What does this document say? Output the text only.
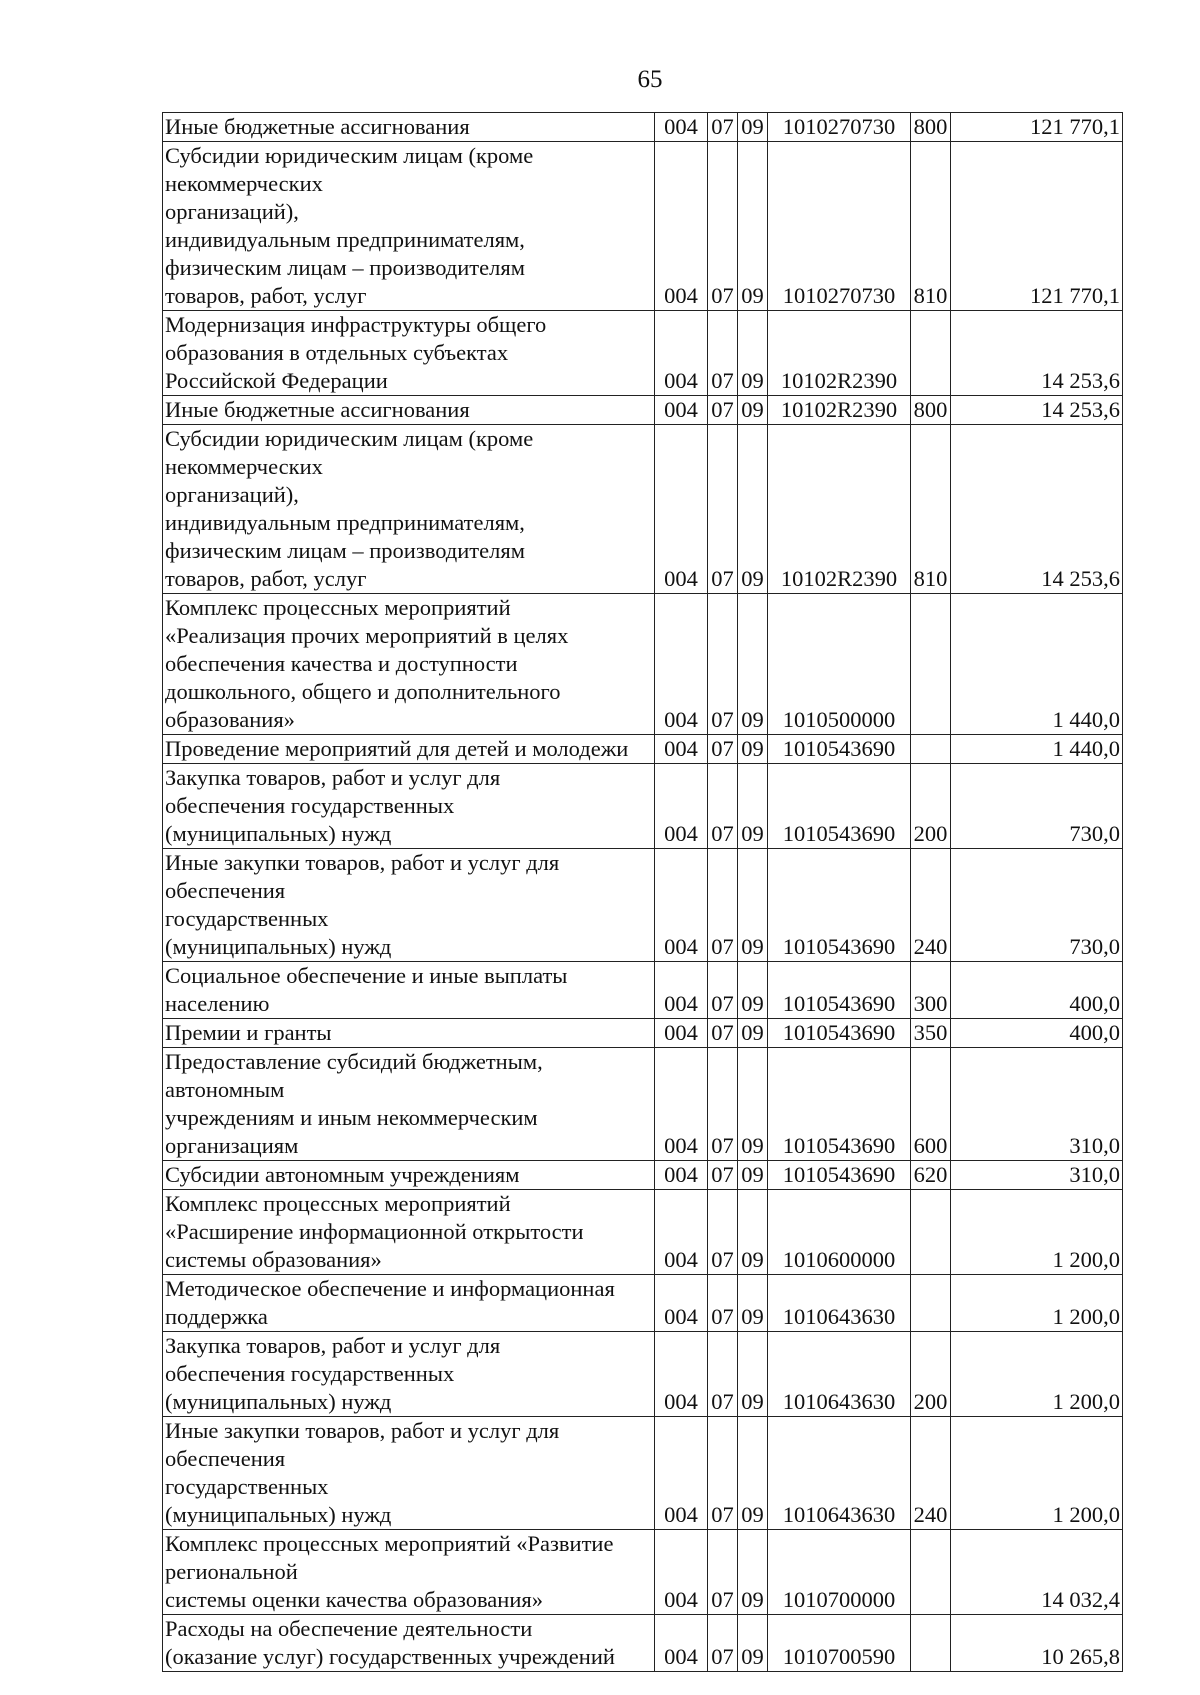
65
Иные бюджетные ассигнования	004	07	09	1010270730	800	121 770,1

Субсидии юридическим лицам (кроме некоммерческих
организаций),
индивидуальным предпринимателям,
физическим лицам – производителям
товаров, работ, услуг	004	07	09	1010270730	810	121 770,1

Модернизация инфраструктуры общего
образования в отдельных субъектах
Российской Федерации	004	07	09	10102R2390		14 253,6

Иные бюджетные ассигнования	004	07	09	10102R2390	800	14 253,6

Субсидии юридическим лицам (кроме некоммерческих
организаций),
индивидуальным предпринимателям,
физическим лицам – производителям
товаров, работ, услуг	004	07	09	10102R2390	810	14 253,6

Комплекс процессных мероприятий
«Реализация прочих мероприятий в целях
обеспечения качества и доступности
дошкольного, общего и дополнительного
образования»	004	07	09	1010500000		1 440,0

Проведение мероприятий для детей и молодежи	004	07	09	1010543690		1 440,0

Закупка товаров, работ и услуг для
обеспечения государственных
(муниципальных) нужд	004	07	09	1010543690	200	730,0

Иные закупки товаров, работ и услуг для обеспечения
государственных
(муниципальных) нужд	004	07	09	1010543690	240	730,0

Социальное обеспечение и иные выплаты
населению	004	07	09	1010543690	300	400,0

Премии и гранты	004	07	09	1010543690	350	400,0

Предоставление субсидий бюджетным, автономным
учреждениям и иным некоммерческим
организациям	004	07	09	1010543690	600	310,0

Субсидии автономным учреждениям	004	07	09	1010543690	620	310,0

Комплекс процессных мероприятий
«Расширение информационной открытости
системы образования»	004	07	09	1010600000		1 200,0

Методическое обеспечение и информационная поддержка	004	07	09	1010643630		1 200,0

Закупка товаров, работ и услуг для
обеспечения государственных
(муниципальных) нужд	004	07	09	1010643630	200	1 200,0

Иные закупки товаров, работ и услуг для обеспечения
государственных
(муниципальных) нужд	004	07	09	1010643630	240	1 200,0

Комплекс процессных мероприятий «Развитие региональной
системы оценки качества образования»	004	07	09	1010700000		14 032,4

Расходы на обеспечение деятельности
(оказание услуг) государственных учреждений	004	07	09	1010700590		10 265,8
